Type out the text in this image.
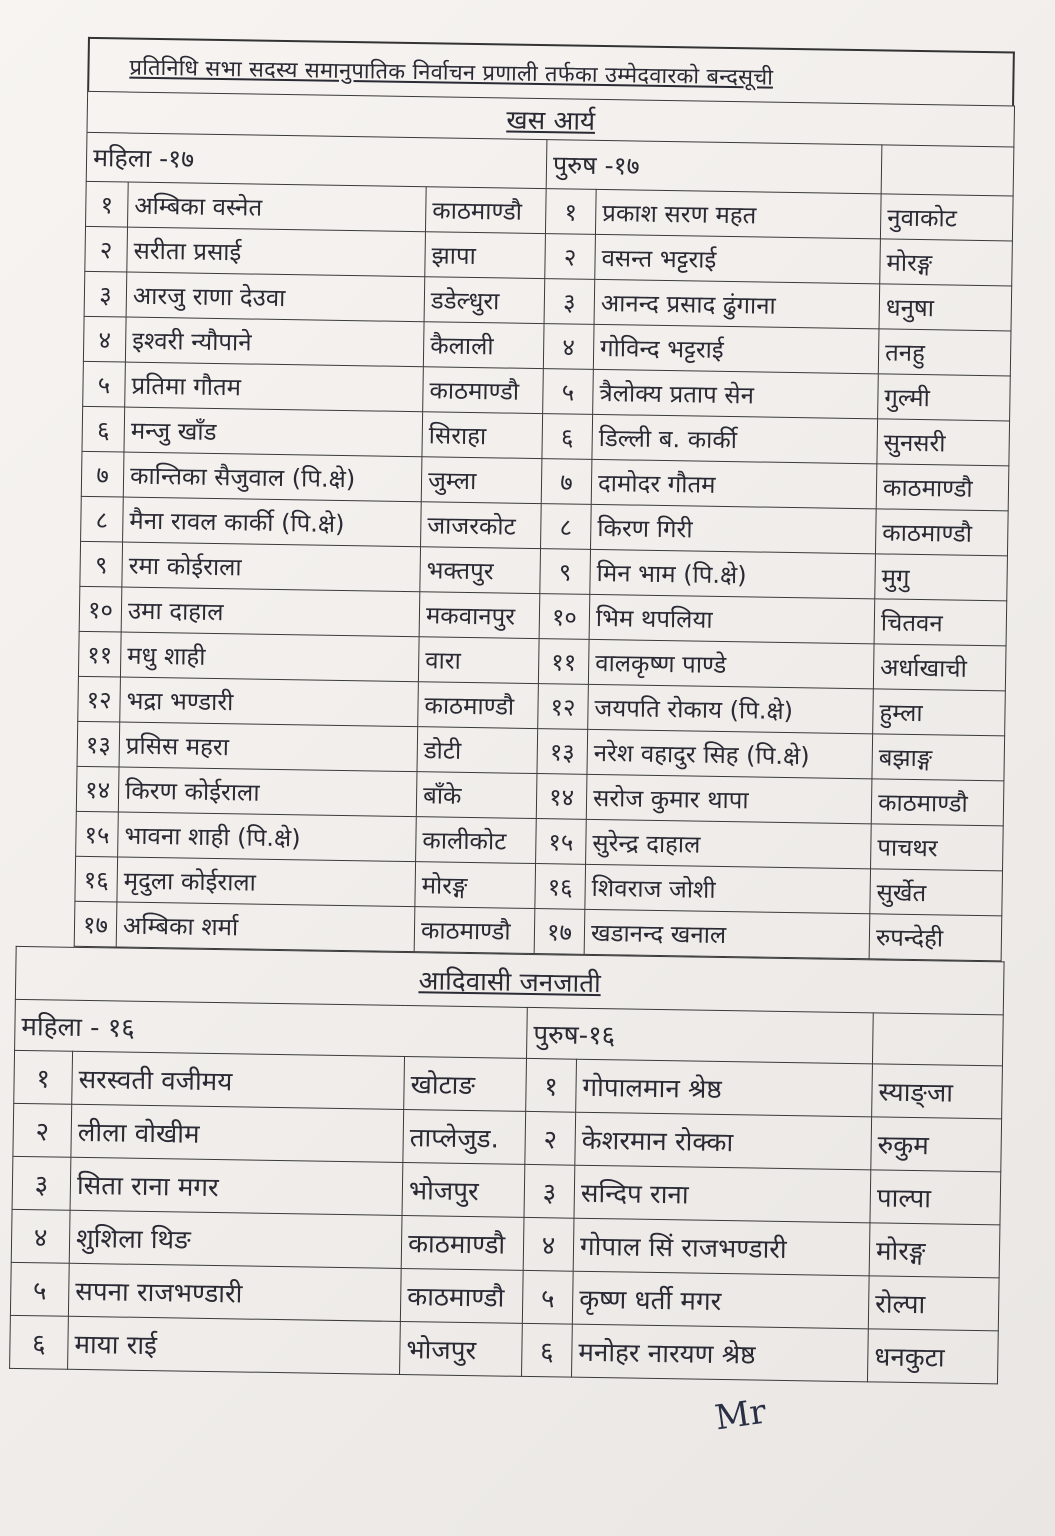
प्रतिनिधि सभा सदस्य समानुपातिक निर्वाचन प्रणाली तर्फका उम्मेदवारको बन्दसूची
खस आर्य					
महिला -१७			पुरुष -१७		
१	अम्बिका वस्नेत	काठमाण्डौ	१	प्रकाश सरण महत	नुवाकोट
२	सरीता प्रसाई	झापा	२	वसन्त भट्टराई	मोरङ्ग
३	आरजु राणा देउवा	डडेल्धुरा	३	आनन्द प्रसाद ढुंगाना	धनुषा
४	इश्वरी न्यौपाने	कैलाली	४	गोविन्द भट्टराई	तनहु
५	प्रतिमा गौतम	काठमाण्डौ	५	त्रैलोक्य प्रताप सेन	गुल्मी
६	मन्जु खाँड	सिराहा	६	डिल्ली ब. कार्की	सुनसरी
७	कान्तिका सैजुवाल (पि.क्षे)	जुम्ला	७	दामोदर गौतम	काठमाण्डौ
८	मैना रावल कार्की (पि.क्षे)	जाजरकोट	८	किरण गिरी	काठमाण्डौ
९	रमा कोईराला	भक्तपुर	९	मिन भाम (पि.क्षे)	मुगु
१०	उमा दाहाल	मकवानपुर	१०	भिम थपलिया	चितवन
११	मधु शाही	वारा	११	वालकृष्ण पाण्डे	अर्धाखाची
१२	भद्रा भण्डारी	काठमाण्डौ	१२	जयपति रोकाय (पि.क्षे)	हुम्ला
१३	प्रसिस महरा	डोटी	१३	नरेश वहादुर सिह (पि.क्षे)	बझाङ्ग
१४	किरण कोईराला	बाँके	१४	सरोज कुमार थापा	काठमाण्डौ
१५	भावना शाही (पि.क्षे)	कालीकोट	१५	सुरेन्द्र दाहाल	पाचथर
१६	मृदुला कोईराला	मोरङ्ग	१६	शिवराज जोशी	सुर्खेत
१७	अम्बिका शर्मा	काठमाण्डौ	१७	खडानन्द खनाल	रुपन्देही
आदिवासी जनजाती					
महिला - १६			पुरुष-१६		
१	सरस्वती वजीमय	खोटाङ	१	गोपालमान श्रेष्ठ	स्याङ्जा
२	लीला वोखीम	ताप्लेजुड.	२	केशरमान रोक्का	रुकुम
३	सिता राना मगर	भोजपुर	३	सन्दिप राना	पाल्पा
४	शुशिला थिङ	काठमाण्डौ	४	गोपाल सिं राजभण्डारी	मोरङ्ग
५	सपना राजभण्डारी	काठमाण्डौ	५	कृष्ण धर्ती मगर	रोल्पा
६	माया राई	भोजपुर	६	मनोहर नारयण श्रेष्ठ	धनकुटा
Mr
